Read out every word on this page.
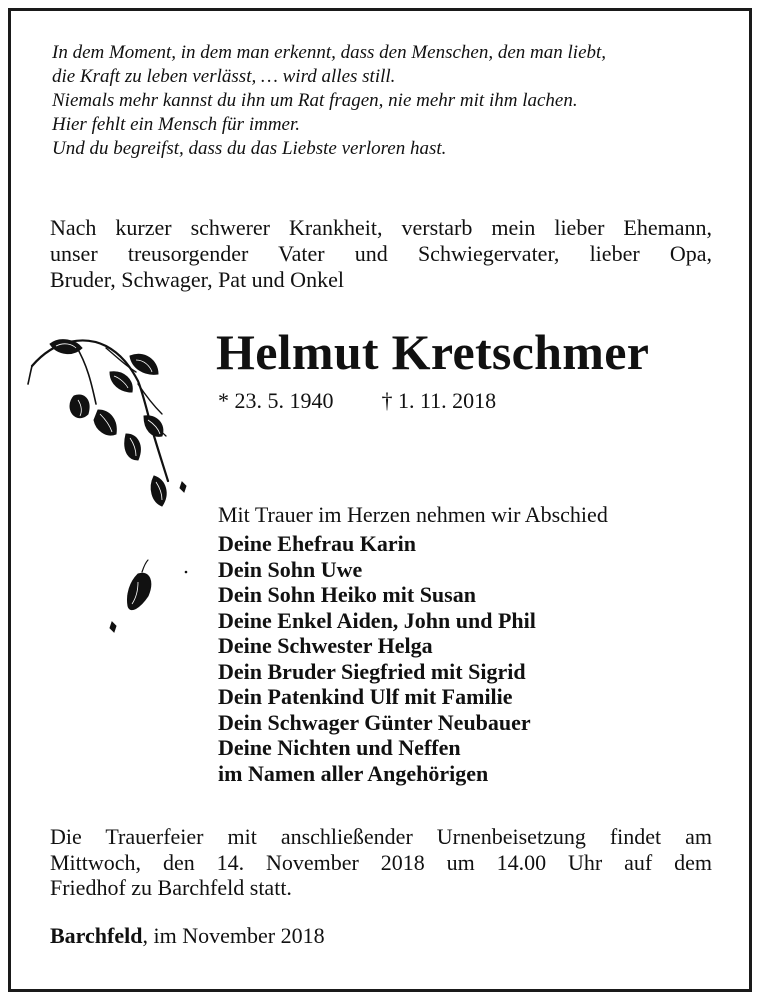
In dem Moment, in dem man erkennt, dass den Menschen, den man liebt,
die Kraft zu leben verlässt, … wird alles still.
Niemals mehr kannst du ihn um Rat fragen, nie mehr mit ihm lachen.
Hier fehlt ein Mensch für immer.
Und du begreifst, dass du das Liebste verloren hast.
Nach kurzer schwerer Krankheit, verstarb mein lieber Ehemann,
unser treusorgender Vater und Schwiegervater, lieber Opa,
Bruder, Schwager, Pat und Onkel
Helmut Kretschmer
* 23. 5. 1940 † 1. 11. 2018
Mit Trauer im Herzen nehmen wir Abschied
Deine Ehefrau Karin
Dein Sohn Uwe
Dein Sohn Heiko mit Susan
Deine Enkel Aiden, John und Phil
Deine Schwester Helga
Dein Bruder Siegfried mit Sigrid
Dein Patenkind Ulf mit Familie
Dein Schwager Günter Neubauer
Deine Nichten und Neffen
im Namen aller Angehörigen
Die Trauerfeier mit anschließender Urnenbeisetzung findet am
Mittwoch, den 14. November 2018 um 14.00 Uhr auf dem
Friedhof zu Barchfeld statt.
Barchfeld, im November 2018
